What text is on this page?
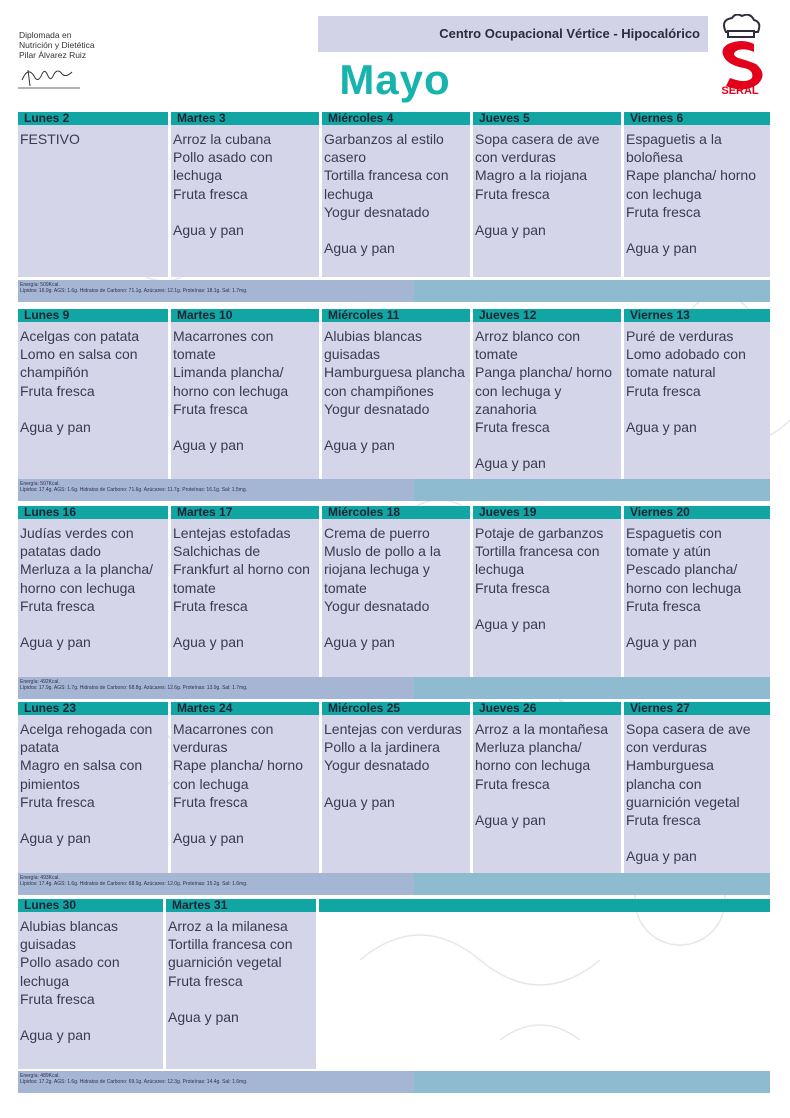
Diplomada en
Nutrición y Dietética
Pilar Álvarez Ruiz
Centro Ocupacional Vértice - Hipocalórico
Mayo	SERAL
Lunes 2
FESTIVO
Martes 3
Arroz la cubana
Pollo asado con
lechuga
Fruta fresca
Agua y pan
Miércoles 4
Garbanzos al estilo
casero
Tortilla francesa con
lechuga
Yogur desnatado
Agua y pan
Jueves 5
Sopa casera de ave
con verduras
Magro a la riojana
Fruta fresca
Agua y pan
Viernes 6
Espaguetis a la
boloñesa
Rape plancha/ horno
con lechuga
Fruta fresca
Agua y pan
Energía: 509Kcal.
Lípidos: 16.9g. AGS: 1.6g. Hidratos de Carbono: 71.1g. Azúcares: 12.1g. Proteínas: 18.1g. Sal: 1.7mg.
Lunes 9
Acelgas con patata
Lomo en salsa con
champiñón
Fruta fresca
Agua y pan
Martes 10
Macarrones con
tomate
Limanda plancha/
horno con lechuga
Fruta fresca
Agua y pan
Miércoles 11
Alubias blancas
guisadas
Hamburguesa plancha
con champiñones
Yogur desnatado
Agua y pan
Jueves 12
Arroz blanco con
tomate
Panga plancha/ horno
con lechuga y
zanahoria
Fruta fresca
Agua y pan
Viernes 13
Puré de verduras
Lomo adobado con
tomate natural
Fruta fresca
Agua y pan
Energía: 507Kcal.
Lípidos: 17.4g. AGS: 1.6g. Hidratos de Carbono: 71.6g. Azúcares: 11.7g. Proteínas: 16.1g. Sal: 1.5mg.
Lunes 16
Judías verdes con
patatas dado
Merluza a la plancha/
horno con lechuga
Fruta fresca
Agua y pan
Martes 17
Lentejas estofadas
Salchichas de
Frankfurt al horno con
tomate
Fruta fresca
Agua y pan
Miércoles 18
Crema de puerro
Muslo de pollo a la
riojana lechuga y
tomate
Yogur desnatado
Agua y pan
Jueves 19
Potaje de garbanzos
Tortilla francesa con
lechuga
Fruta fresca
Agua y pan
Viernes 20
Espaguetis con
tomate y atún
Pescado plancha/
horno con lechuga
Fruta fresca
Agua y pan
Energía: 492Kcal.
Lípidos: 17.9g. AGS: 1.7g. Hidratos de Carbono: 68.8g. Azúcares: 12.6g. Proteínas: 13.9g. Sal: 1.7mg.
Lunes 23
Acelga rehogada con
patata
Magro en salsa con
pimientos
Fruta fresca
Agua y pan
Martes 24
Macarrones con
verduras
Rape plancha/ horno
con lechuga
Fruta fresca
Agua y pan
Miércoles 25
Lentejas con verduras
Pollo a la jardinera
Yogur desnatado
Agua y pan
Jueves 26
Arroz a la montañesa
Merluza plancha/
horno con lechuga
Fruta fresca
Agua y pan
Viernes 27
Sopa casera de ave
con verduras
Hamburguesa
plancha con
guarnición vegetal
Fruta fresca
Agua y pan
Energía: 493Kcal.
Lípidos: 17.4g. AGS: 1.6g. Hidratos de Carbono: 68.9g. Azúcares: 12.0g. Proteínas: 15.2g. Sal: 1.6mg.
Lunes 30
Alubias blancas
guisadas
Pollo asado con
lechuga
Fruta fresca
Agua y pan
Martes 31
Arroz a la milanesa
Tortilla francesa con
guarnición vegetal
Fruta fresca
Agua y pan
Energía: 489Kcal.
Lípidos: 17.2g. AGS: 1.6g. Hidratos de Carbono: 69.1g. Azúcares: 12.3g. Proteínas: 14.4g. Sal: 1.6mg.
